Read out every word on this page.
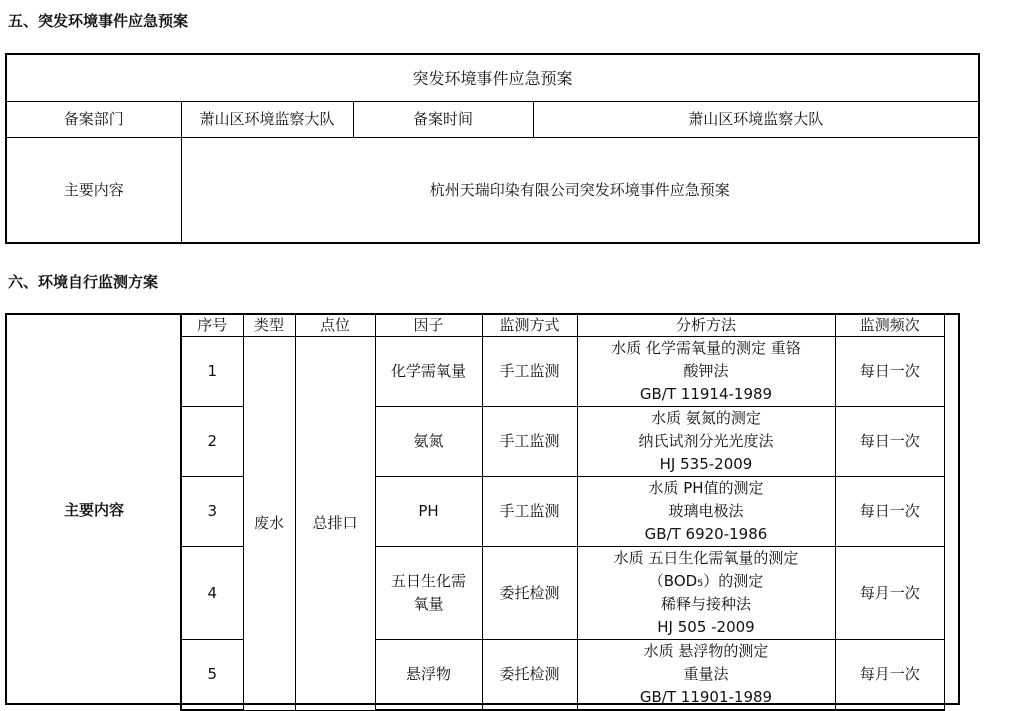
五、突发环境事件应急预案
突发环境事件应急预案			
备案部门	萧山区环境监察大队	备案时间	萧山区环境监察大队
主要内容	杭州天瑞印染有限公司突发环境事件应急预案		
六、环境自行监测方案
主要内容
序号	类型	点位	因子	监测方式	分析方法	监测频次
1	废水	总排口	化学需氧量	手工监测	水质 化学需氧量的测定 重铬
酸钾法
GB/T 11914-1989	每日一次
2			氨氮	手工监测	水质 氨氮的测定
纳氏试剂分光光度法
HJ 535-2009	每日一次
3			PH	手工监测	水质 PH值的测定
玻璃电极法
GB/T 6920-1986	每日一次
4			五日生化需
氧量	委托检测	水质 五日生化需氧量的测定
（BOD₅）的测定
稀释与接种法
HJ 505 -2009	每月一次
5			悬浮物	委托检测	水质 悬浮物的测定
重量法
GB/T 11901-1989	每月一次
